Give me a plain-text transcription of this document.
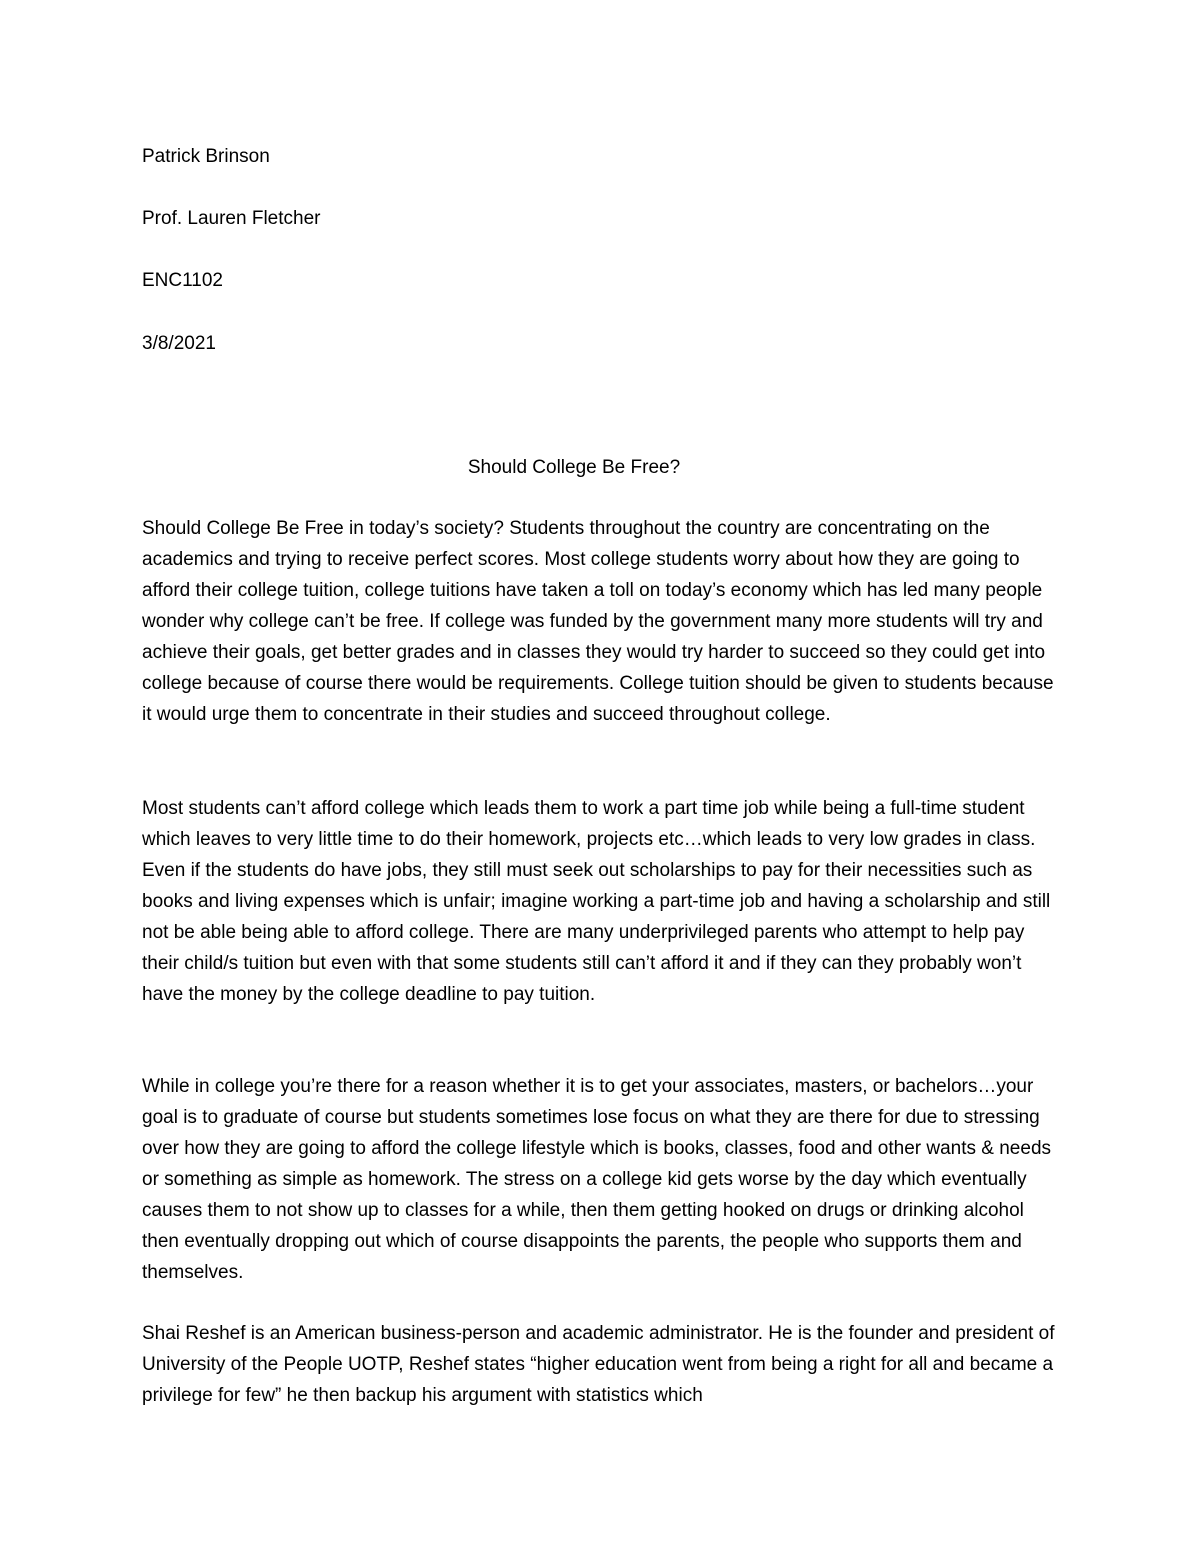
Patrick Brinson
Prof. Lauren Fletcher
ENC1102
3/8/2021
Should College Be Free?

Should College Be Free in today’s society? Students throughout the country are concentrating on the academics and trying to receive perfect scores. Most college students worry about how they are going to afford their college tuition, college tuitions have taken a toll on today’s economy which has led many people wonder why college can’t be free. If college was funded by the government many more students will try and achieve their goals, get better grades and in classes they would try harder to succeed so they could get into college because of course there would be requirements. College tuition should be given to students because it would urge them to concentrate in their studies and succeed throughout college.

Most students can’t afford college which leads them to work a part time job while being a full-time student which leaves to very little time to do their homework, projects etc…which leads to very low grades in class. Even if the students do have jobs, they still must seek out scholarships to pay for their necessities such as books and living expenses which is unfair; imagine working a part-time job and having a scholarship and still not be able being able to afford college. There are many underprivileged parents who attempt to help pay their child/s tuition but even with that some students still can’t afford it and if they can they probably won’t have the money by the college deadline to pay tuition.

While in college you’re there for a reason whether it is to get your associates, masters, or bachelors…your goal is to graduate of course but students sometimes lose focus on what they are there for due to stressing over how they are going to afford the college lifestyle which is books, classes, food and other wants & needs or something as simple as homework. The stress on a college kid gets worse by the day which eventually causes them to not show up to classes for a while, then them getting hooked on drugs or drinking alcohol then eventually dropping out which of course disappoints the parents, the people who supports them and themselves.

Shai Reshef is an American business-person and academic administrator. He is the founder and president of University of the People UOTP, Reshef states “higher education went from being a right for all and became a privilege for few” he then backup his argument with statistics which
